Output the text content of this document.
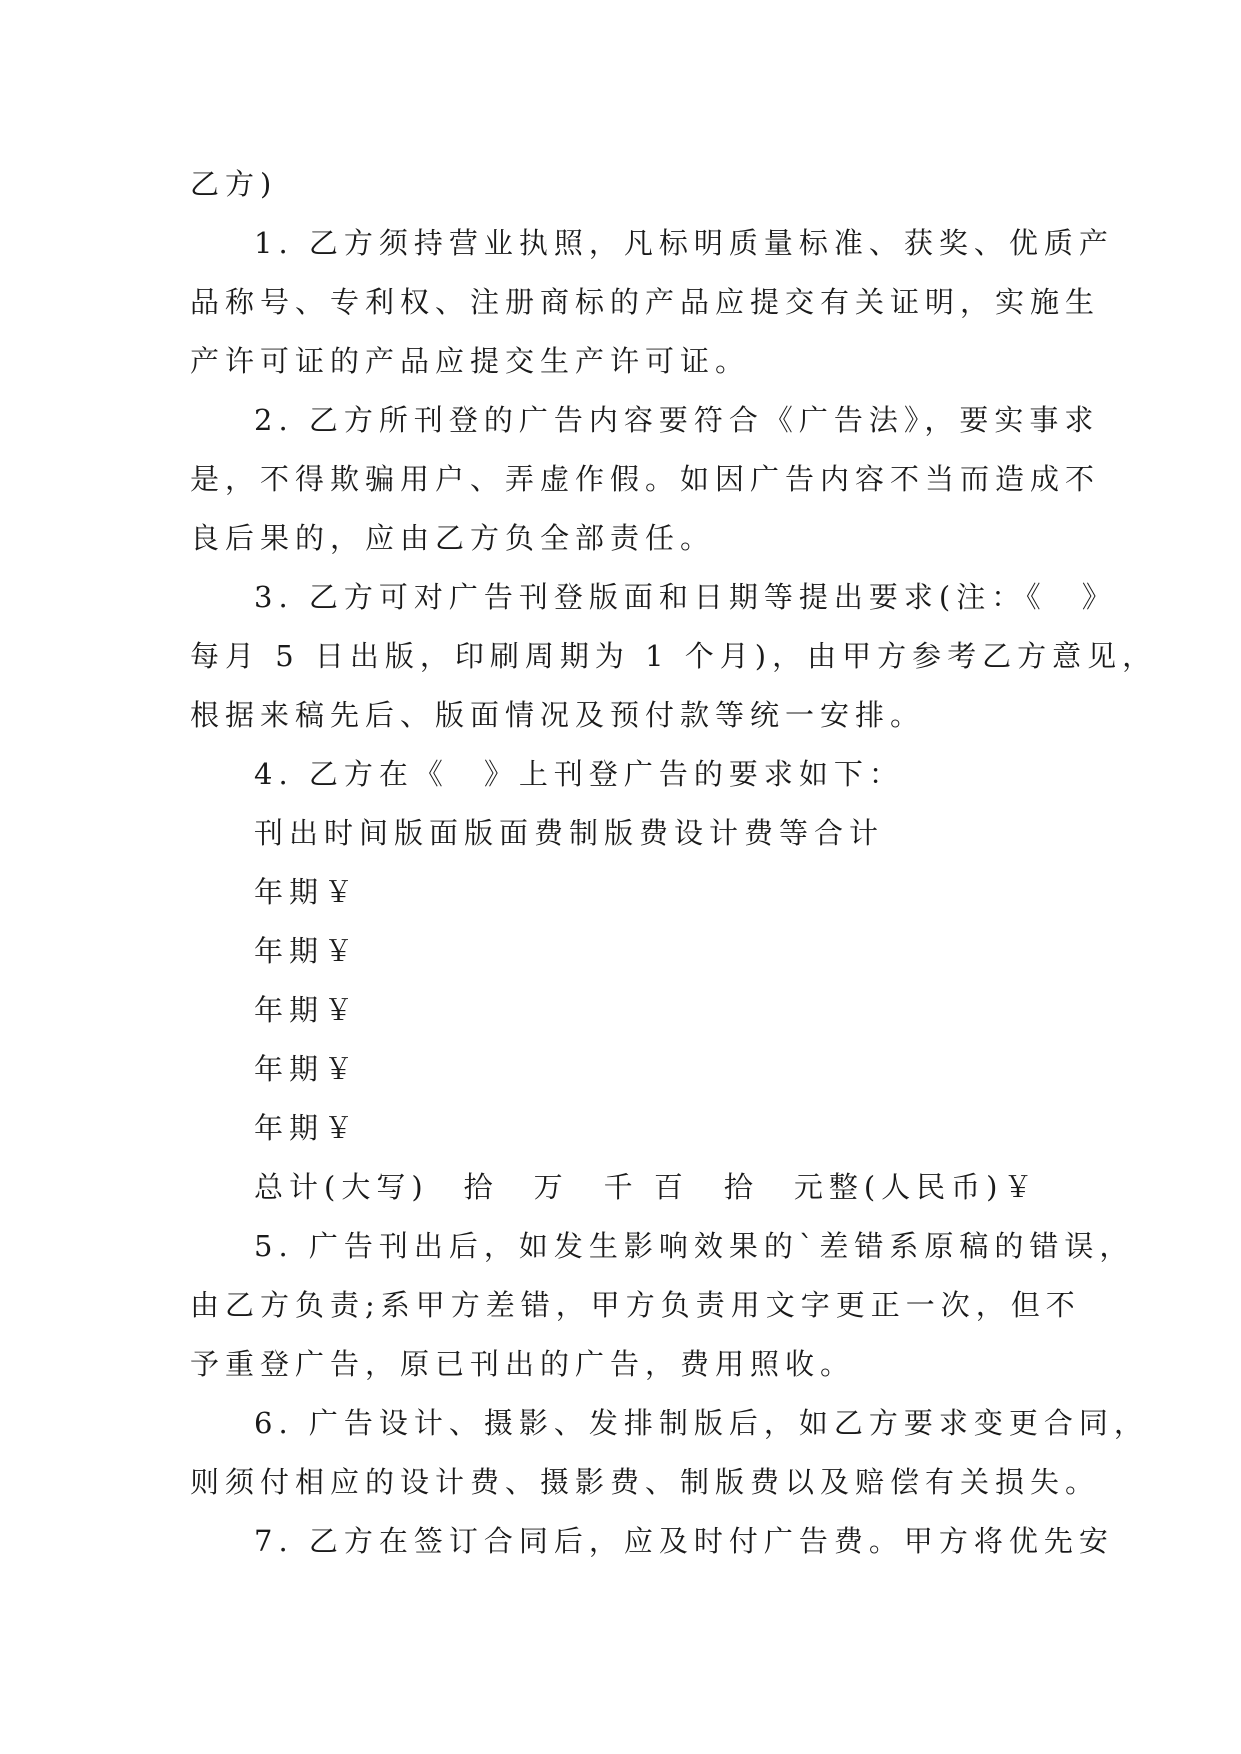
乙方)
1. 乙方须持营业执照，凡标明质量标准、获奖、优质产
品称号、专利权、注册商标的产品应提交有关证明，实施生
产许可证的产品应提交生产许可证。
2. 乙方所刊登的广告内容要符合《广告法》，要实事求
是，不得欺骗用户、弄虚作假。如因广告内容不当而造成不
良后果的，应由乙方负全部责任。
3. 乙方可对广告刊登版面和日期等提出要求(注：《　》
每月 5 日出版，印刷周期为 1 个月)，由甲方参考乙方意见，
根据来稿先后、版面情况及预付款等统一安排。
4. 乙方在《　》上刊登广告的要求如下：
刊出时间版面版面费制版费设计费等合计
年期￥
年期￥
年期￥
年期￥
年期￥
总计(大写)　拾　万　千 百　拾　元整(人民币)￥
5. 广告刊出后，如发生影响效果的`差错系原稿的错误，
由乙方负责;系甲方差错，甲方负责用文字更正一次，但不
予重登广告，原已刊出的广告，费用照收。
6. 广告设计、摄影、发排制版后，如乙方要求变更合同，
则须付相应的设计费、摄影费、制版费以及赔偿有关损失。
7. 乙方在签订合同后，应及时付广告费。甲方将优先安
